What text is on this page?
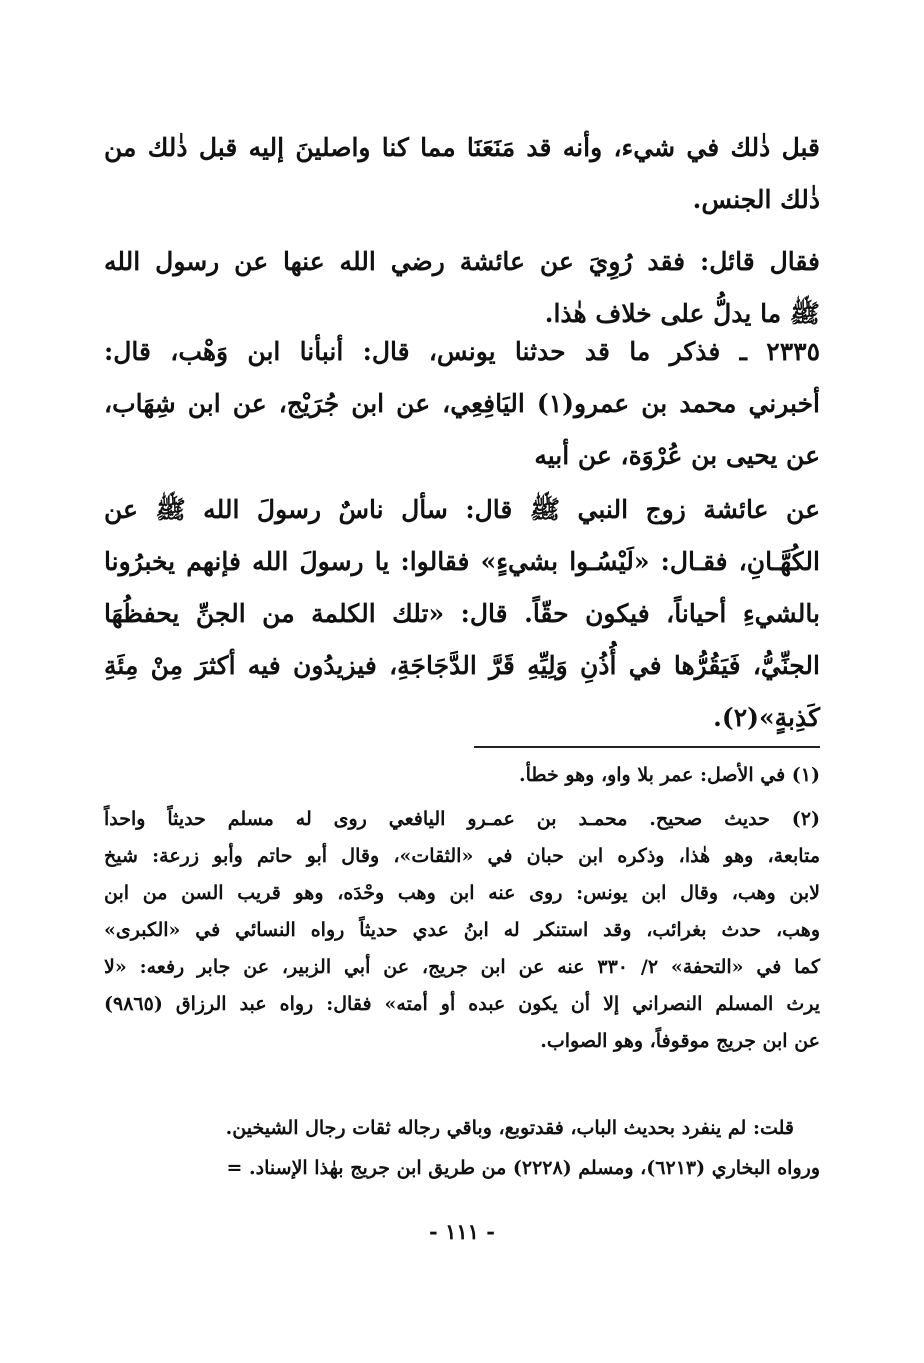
قبل ذٰلك في شيء، وأنه قد مَنَعَنَا مما كنا واصلينَ إليه قبل ذٰلك من
ذٰلك الجنس.
فقال قائل: فقد رُوِيَ عن عائشة رضي الله عنها عن رسول الله
ﷺ ما يدلُّ على خلاف هٰذا.
٢٣٣٥ ـ فذكر ما قد حدثنا يونس، قال: أنبأنا ابن وَهْب، قال:
أخبرني محمد بن عمرو(١) اليَافِعِي، عن ابن جُرَيْج، عن ابن شِهَاب،
عن يحيى بن عُرْوَة، عن أبيه
عن عائشة زوج النبي ﷺ قال: سأل ناسٌ رسولَ الله ﷺ عن
الكُهَّـانِ، فقـال: «لَيْسُـوا بشيءٍ» فقالوا: يا رسولَ الله فإنهم يخبرُونا
بالشيءِ أحياناً، فيكون حقّاً. قال: «تلك الكلمة من الجنِّ يحفظُهَا
الجنِّيُّ، فَيَقُرُّها في أُذُنِ وَلِيِّهِ قَرَّ الدَّجَاجَةِ، فيزيدُون فيه أكثرَ مِنْ مِئَةِ
كَذِبةٍ»(٢).
(١) في الأصل: عمر بلا واو، وهو خطأ.
(٢) حديث صحيح. محمـد بن عمـرو اليافعي روى له مسلم حديثاً واحداً
متابعة، وهو هٰذا، وذكره ابن حبان في «الثقات»، وقال أبو حاتم وأبو زرعة: شيخ
لابن وهب، وقال ابن يونس: روى عنه ابن وهب وحْدَه، وهو قريب السن من ابن
وهب، حدث بغرائب، وقد استنكر له ابنُ عدي حديثاً رواه النسائي في «الكبرى»
كما في «التحفة» ٢/ ٣٣٠ عنه عن ابن جريج، عن أبي الزبير، عن جابر رفعه: «لا
يرث المسلم النصراني إلا أن يكون عبده أو أمته» فقال: رواه عبد الرزاق (٩٨٦٥)
عن ابن جريج موقوفاً، وهو الصواب.
قلت: لم ينفرد بحديث الباب، فقدتوبع، وباقي رجاله ثقات رجال الشيخين.
ورواه البخاري (٦٢١٣)، ومسلم (٢٢٢٨) من طريق ابن جريج بهٰذا الإسناد. =
- ١١١ -
